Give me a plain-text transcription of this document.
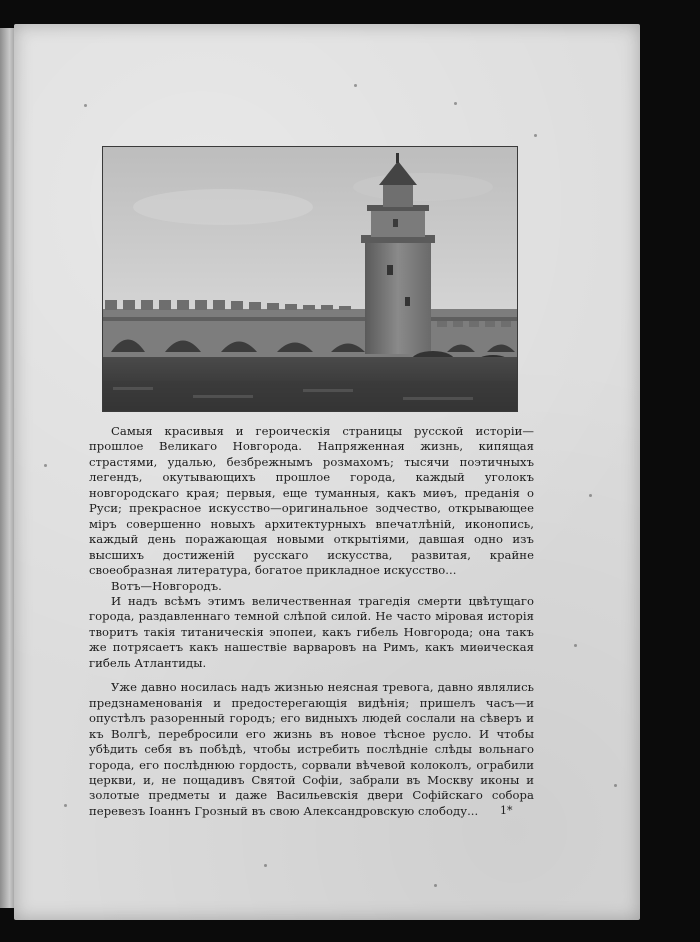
Самыя красивыя и героическія страницы русской исторіи—прошлое Великаго Новгорода. Напряженная жизнь, кипящая страстями, удалью, безбрежнымъ розмахомъ; тысячи поэтичныхъ легендъ, окутывающихъ прошлое города, каждый уголокъ новгородскаго края; первыя, еще туманныя, какъ миѳъ, преданія о Руси; прекрасное искусство—оригинальное зодчество, открывающее міръ совершенно новыхъ архитектурныхъ впечатлѣній, иконопись, каждый день поражающая новыми открытіями, давшая одно изъ высшихъ достиженій русскаго искусства, развитая, крайне своеобразная литература, богатое прикладное искусство...

Вотъ—Новгородъ.

И надъ всѣмъ этимъ величественная трагедія смерти цвѣтущаго города, раздавленнаго темной слѣпой силой. Не часто міровая исторія творитъ такія титаническія эпопеи, какъ гибель Новгорода; она такъ же потрясаетъ какъ нашествіе варваровъ на Римъ, какъ миѳическая гибель Атлантиды.

Уже давно носилась надъ жизнью неясная тревога, давно являлись предзнаменованія и предостерегающія видѣнія; пришелъ часъ—и опустѣлъ разоренный городъ; его видныхъ людей сослали на сѣверъ и къ Волгѣ, перебросили его жизнь въ новое тѣсное русло. И чтобы убѣдить себя въ побѣдѣ, чтобы истребить послѣдніе слѣды вольнаго города, его послѣднюю гордость, сорвали вѣчевой колоколъ, ограбили церкви, и, не пощадивъ Святой Софіи, забрали въ Москву иконы и золотые предметы и даже Васильевскія двери Софійскаго собора перевезъ Іоаннъ Грозный въ свою Александровскую слободу...	1*
